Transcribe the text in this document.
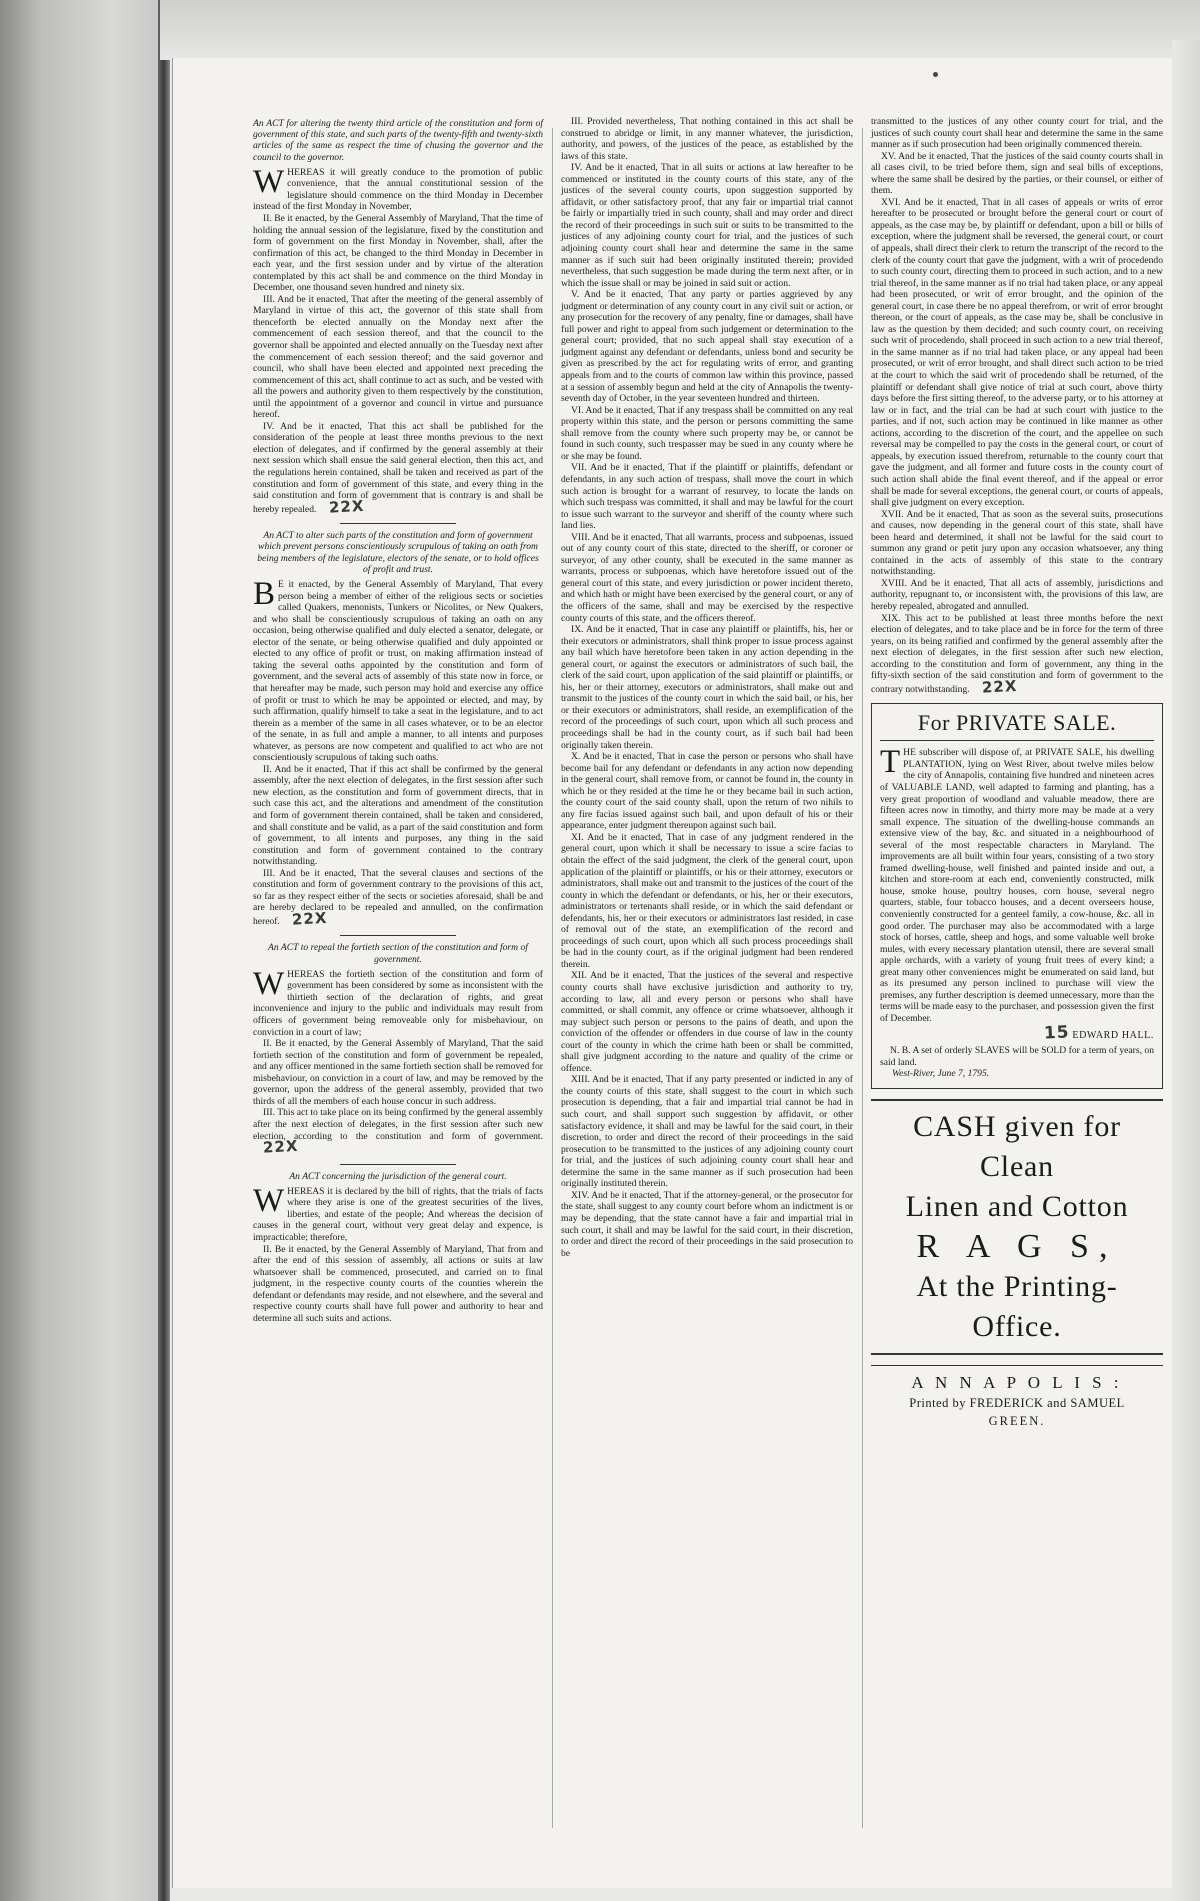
An ACT for altering the twenty third article of the constitution and form of government of this state, and such parts of the twenty-fifth and twenty-sixth articles of the same as respect the time of chusing the governor and the council to the governor.

WHEREAS it will greatly conduce to the promotion of public convenience, that the annual constitutional session of the legislature should commence on the third Monday in December instead of the first Monday in November,

II. Be it enacted, by the General Assembly of Maryland, That the time of holding the annual session of the legislature, fixed by the constitution and form of government on the first Monday in November, shall, after the confirmation of this act, be changed to the third Monday in December in each year, and the first session under and by virtue of the alteration contemplated by this act shall be and commence on the third Monday in December, one thousand seven hundred and ninety six.

III. And be it enacted, That after the meeting of the general assembly of Maryland in virtue of this act, the governor of this state shall from thenceforth be elected annually on the Monday next after the commencement of each session thereof, and that the council to the governor shall be appointed and elected annually on the Tuesday next after the commencement of each session thereof; and the said governor and council, who shall have been elected and appointed next preceding the commencement of this act, shall continue to act as such, and be vested with all the powers and authority given to them respectively by the constitution, until the appointment of a governor and council in virtue and pursuance hereof.

IV. And be it enacted, That this act shall be published for the consideration of the people at least three months previous to the next election of delegates, and if confirmed by the general assembly at their next session which shall ensue the said general election, then this act, and the regulations herein contained, shall be taken and received as part of the constitution and form of government of this state, and every thing in the said constitution and form of government that is contrary is and shall be hereby repealed. 22X

An ACT to alter such parts of the constitution and form of government which prevent persons conscientiously scrupulous of taking an oath from being members of the legislature, electors of the senate, or to hold offices of profit and trust.

B E it enacted, by the General Assembly of Maryland, That every person being a member of either of the religious sects or societies called Quakers, menonists, Tunkers or Nicolites, or New Quakers, and who shall be conscientiously scrupulous of taking an oath on any occasion, being otherwise qualified and duly elected a senator, delegate, or elector of the senate, or being otherwise qualified and duly appointed or elected to any office of profit or trust, on making affirmation instead of taking the several oaths appointed by the constitution and form of government, and the several acts of assembly of this state now in force, or that hereafter may be made, such person may hold and exercise any office of profit or trust to which he may be appointed or elected, and may, by such affirmation, qualify himself to take a seat in the legislature, and to act therein as a member of the same in all cases whatever, or to be an elector of the senate, in as full and ample a manner, to all intents and purposes whatever, as persons are now competent and qualified to act who are not conscientiously scrupulous of taking such oaths.

II. And be it enacted, That if this act shall be confirmed by the general assembly, after the next election of delegates, in the first session after such new election, as the constitution and form of government directs, that in such case this act, and the alterations and amendment of the constitution and form of government therein contained, shall be taken and considered, and shall constitute and be valid, as a part of the said constitution and form of government, to all intents and purposes, any thing in the said constitution and form of government contained to the contrary notwithstanding.

III. And be it enacted, That the several clauses and sections of the constitution and form of government contrary to the provisions of this act, so far as they respect either of the sects or societies aforesaid, shall be and are hereby declared to be repealed and annulled, on the confirmation hereof. 22X

An ACT to repeal the fortieth section of the constitution and form of government.

WHEREAS the fortieth section of the constitution and form of government has been considered by some as inconsistent with the thirtieth section of the declaration of rights, and great inconvenience and injury to the public and individuals may result from officers of government being removeable only for misbehaviour, on conviction in a court of law;

II. Be it enacted, by the General Assembly of Maryland, That the said fortieth section of the constitution and form of government be repealed, and any officer mentioned in the same fortieth section shall be removed for misbehaviour, on conviction in a court of law, and may be removed by the governor, upon the address of the general assembly, provided that two thirds of all the members of each house concur in such address.

III. This act to take place on its being confirmed by the general assembly after the next election of delegates, in the first session after such new election, according to the constitution and form of government. 22X

An ACT concerning the jurisdiction of the general court.

WHEREAS it is declared by the bill of rights, that the trials of facts where they arise is one of the greatest securities of the lives, liberties, and estate of the people; And whereas the decision of causes in the general court, without very great delay and expence, is impracticable; therefore,

II. Be it enacted, by the General Assembly of Maryland, That from and after the end of this session of assembly, all actions or suits at law whatsoever shall be commenced, prosecuted, and carried on to final judgment, in the respective county courts of the counties wherein the defendant or defendants may reside, and not elsewhere, and the several and respective county courts shall have full power and authority to hear and determine all such suits and actions.

III. Provided nevertheless, That nothing contained in this act shall be construed to abridge or limit, in any manner whatever, the jurisdiction, authority, and powers, of the justices of the peace, as established by the laws of this state.

IV. And be it enacted, That in all suits or actions at law hereafter to be commenced or instituted in the county courts of this state, any of the justices of the several county courts, upon suggestion supported by affidavit, or other satisfactory proof, that any fair or impartial trial cannot be fairly or impartially tried in such county, shall and may order and direct the record of their proceedings in such suit or suits to be transmitted to the justices of any adjoining county court for trial, and the justices of such adjoining county court shall hear and determine the same in the same manner as if such suit had been originally instituted therein; provided nevertheless, that such suggestion be made during the term next after, or in which the issue shall or may be joined in said suit or action.

V. And be it enacted, That any party or parties aggrieved by any judgment or determination of any county court in any civil suit or action, or any prosecution for the recovery of any penalty, fine or damages, shall have full power and right to appeal from such judgement or determination to the general court; provided, that no such appeal shall stay execution of a judgment against any defendant or defendants, unless bond and security be given as prescribed by the act for regulating writs of error, and granting appeals from and to the courts of common law within this province, passed at a session of assembly begun and held at the city of Annapolis the twenty-seventh day of October, in the year seventeen hundred and thirteen.

VI. And be it enacted, That if any trespass shall be committed on any real property within this state, and the person or persons committing the same shall remove from the county where such property may be, or cannot be found in such county, such trespasser may be sued in any county where he or she may be found.

VII. And be it enacted, That if the plaintiff or plaintiffs, defendant or defendants, in any such action of trespass, shall move the court in which such action is brought for a warrant of resurvey, to locate the lands on which such trespass was committed, it shall and may be lawful for the court to issue such warrant to the surveyor and sheriff of the county where such land lies.

VIII. And be it enacted, That all warrants, process and subpoenas, issued out of any county court of this state, directed to the sheriff, or coroner or surveyor, of any other county, shall be executed in the same manner as warrants, process or subpoenas, which have heretofore issued out of the general court of this state, and every jurisdiction or power incident thereto, and which hath or might have been exercised by the general court, or any of the officers of the same, shall and may be exercised by the respective county courts of this state, and the officers thereof.

IX. And be it enacted, That in case any plaintiff or plaintiffs, his, her or their executors or administrators, shall think proper to issue process against any bail which have heretofore been taken in any action depending in the general court, or against the executors or administrators of such bail, the clerk of the said court, upon application of the said plaintiff or plaintiffs, or his, her or their attorney, executors or administrators, shall make out and transmit to the justices of the county court in which the said bail, or his, her or their executors or administrators, shall reside, an exemplification of the record of the proceedings of such court, upon which all such process and proceedings shall be had in the county court, as if such bail had been originally taken therein.

X. And be it enacted, That in case the person or persons who shall have become bail for any defendant or defendants in any action now depending in the general court, shall remove from, or cannot be found in, the county in which he or they resided at the time he or they became bail in such action, the county court of the said county shall, upon the return of two nihils to any fire facias issued against such bail, and upon default of his or their appearance, enter judgment thereupon against such bail.

XI. And be it enacted, That in case of any judgment rendered in the general court, upon which it shall be necessary to issue a scire facias to obtain the effect of the said judgment, the clerk of the general court, upon application of the plaintiff or plaintiffs, or his or their attorney, executors or administrators, shall make out and transmit to the justices of the court of the county in which the defendant or defendants, or his, her or their executors, administrators or tertenants shall reside, or in which the said defendant or defendants, his, her or their executors or administrators last resided, in case of removal out of the state, an exemplification of the record and proceedings of such court, upon which all such process proceedings shall be had in the county court, as if the original judgment had been rendered therein.

XII. And be it enacted, That the justices of the several and respective county courts shall have exclusive jurisdiction and authority to try, according to law, all and every person or persons who shall have committed, or shall commit, any offence or crime whatsoever, although it may subject such person or persons to the pains of death, and upon the conviction of the offender or offenders in due course of law in the county court of the county in which the crime hath been or shall be committed, shall give judgment according to the nature and quality of the crime or offence.

XIII. And be it enacted, That if any party presented or indicted in any of the county courts of this state, shall suggest to the court in which such prosecution is depending, that a fair and impartial trial cannot be had in such court, and shall support such suggestion by affidavit, or other satisfactory evidence, it shall and may be lawful for the said court, in their discretion, to order and direct the record of their proceedings in the said prosecution to be transmitted to the justices of any adjoining county court for trial, and the justices of such adjoining county court shall hear and determine the same in the same manner as if such prosecution had been originally instituted therein.

XIV. And be it enacted, That if the attorney-general, or the prosecutor for the state, shall suggest to any county court before whom an indictment is or may be depending, that the state cannot have a fair and impartial trial in such court, it shall and may be lawful for the said court, in their discretion, to order and direct the record of their proceedings in the said prosecution to be

transmitted to the justices of any other county court for trial, and the justices of such county court shall hear and determine the same in the same manner as if such prosecution had been originally commenced therein.

XV. And be it enacted, That the justices of the said county courts shall in all cases civil, to be tried before them, sign and seal bills of exceptions, where the same shall be desired by the parties, or their counsel, or either of them.

XVI. And be it enacted, That in all cases of appeals or writs of error hereafter to be prosecuted or brought before the general court or court of appeals, as the case may be, by plaintiff or defendant, upon a bill or bills of exception, where the judgment shall be reversed, the general court, or court of appeals, shall direct their clerk to return the transcript of the record to the clerk of the county court that gave the judgment, with a writ of procedendo to such county court, directing them to proceed in such action, and to a new trial thereof, in the same manner as if no trial had taken place, or any appeal had been prosecuted, or writ of error brought, and the opinion of the general court, in case there be no appeal therefrom, or writ of error brought thereon, or the court of appeals, as the case may be, shall be conclusive in law as the question by them decided; and such county court, on receiving such writ of procedendo, shall proceed in such action to a new trial thereof, in the same manner as if no trial had taken place, or any appeal had been prosecuted, or writ of error brought, and shall direct such action to be tried at the court to which the said writ of procedendo shall be returned, of the plaintiff or defendant shall give notice of trial at such court, above thirty days before the first sitting thereof, to the adverse party, or to his attorney at law or in fact, and the trial can be had at such court with justice to the parties, and if not, such action may be continued in like manner as other actions, according to the discretion of the court, and the appellee on such reversal may be compelled to pay the costs in the general court, or court of appeals, by execution issued therefrom, returnable to the county court that gave the judgment, and all former and future costs in the county court of such action shall abide the final event thereof, and if the appeal or error shall be made for several exceptions, the general court, or courts of appeals, shall give judgment on every exception.

XVII. And be it enacted, That as soon as the several suits, prosecutions and causes, now depending in the general court of this state, shall have been heard and determined, it shall not be lawful for the said court to summon any grand or petit jury upon any occasion whatsoever, any thing contained in the acts of assembly of this state to the contrary notwithstanding.

XVIII. And be it enacted, That all acts of assembly, jurisdictions and authority, repugnant to, or inconsistent with, the provisions of this law, are hereby repealed, abrogated and annulled.

XIX. This act to be published at least three months before the next election of delegates, and to take place and be in force for the term of three years, on its being ratified and confirmed by the general assembly after the next election of delegates, in the first session after such new election, according to the constitution and form of government, any thing in the fifty-sixth section of the said constitution and form of government to the contrary notwithstanding. 22X

For PRIVATE SALE.

THE subscriber will dispose of, at PRIVATE SALE, his dwelling PLANTATION, lying on West River, about twelve miles below the city of Annapolis, containing five hundred and nineteen acres of VALUABLE LAND, well adapted to farming and planting, has a very great proportion of woodland and valuable meadow, there are fifteen acres now in timothy, and thirty more may be made at a very small expence. The situation of the dwelling-house commands an extensive view of the bay, &c. and situated in a neighbourhood of several of the most respectable characters in Maryland. The improvements are all built within four years, consisting of a two story framed dwelling-house, well finished and painted inside and out, a kitchen and store-room at each end, conveniently constructed, milk house, smoke house, poultry houses, corn house, several negro quarters, stable, four tobacco houses, and a decent overseers house, conveniently constructed for a genteel family, a cow-house, &c. all in good order. The purchaser may also be accommodated with a large stock of horses, cattle, sheep and hogs, and some valuable well broke mules, with every necessary plantation utensil, there are several small apple orchards, with a variety of young fruit trees of every kind; a great many other conveniences might be enumerated on said land, but as its presumed any person inclined to purchase will view the premises, any further description is deemed unnecessary, more than the terms will be made easy to the purchaser, and possession given the first of December.

15 EDWARD HALL.

N. B. A set of orderly SLAVES will be SOLD for a term of years, on said land.

West-River, June 7, 1795.

CASH given for Clean
Linen and Cotton
R A G S,
At the Printing-Office.
A N N A P O L I S :
Printed by FREDERICK and SAMUEL
GREEN.
